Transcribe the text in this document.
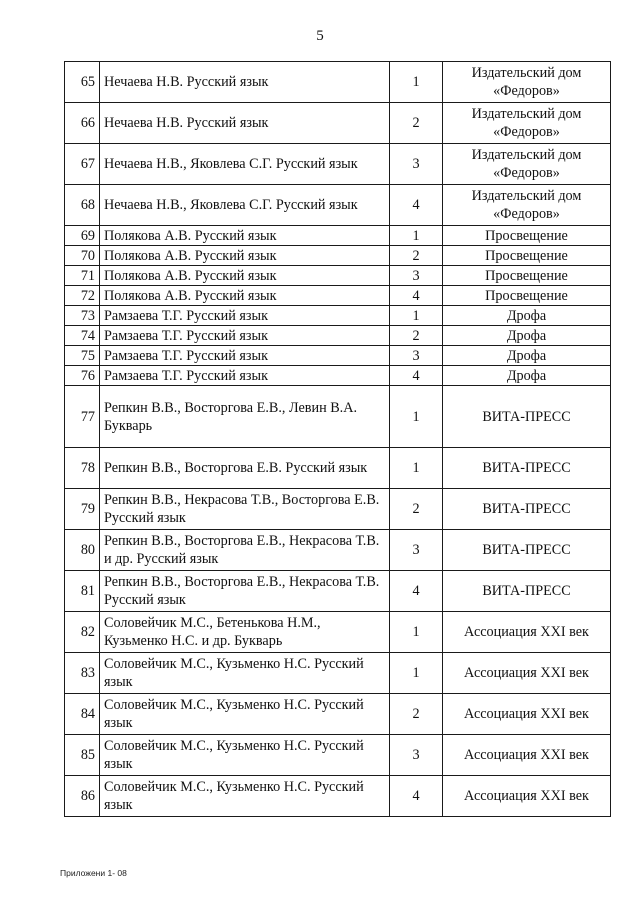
5
65	Нечаева Н.В. Русский язык	1	Издательский дом «Федоров»
66	Нечаева Н.В. Русский язык	2	Издательский дом «Федоров»
67	Нечаева Н.В., Яковлева С.Г. Русский язык	3	Издательский дом «Федоров»
68	Нечаева Н.В., Яковлева С.Г. Русский язык	4	Издательский дом «Федоров»
69	Полякова А.В. Русский язык	1	Просвещение
70	Полякова А.В. Русский язык	2	Просвещение
71	Полякова А.В. Русский язык	3	Просвещение
72	Полякова А.В. Русский язык	4	Просвещение
73	Рамзаева Т.Г. Русский язык	1	Дрофа
74	Рамзаева Т.Г. Русский язык	2	Дрофа
75	Рамзаева Т.Г. Русский язык	3	Дрофа
76	Рамзаева Т.Г. Русский язык	4	Дрофа
77	Репкин В.В., Восторгова Е.В., Левин В.А. Букварь	1	ВИТА-ПРЕСС
78	Репкин В.В., Восторгова Е.В. Русский язык	1	ВИТА-ПРЕСС
79	Репкин В.В., Некрасова Т.В., Восторгова Е.В. Русский язык	2	ВИТА-ПРЕСС
80	Репкин В.В., Восторгова Е.В., Некрасова Т.В. и др. Русский язык	3	ВИТА-ПРЕСС
81	Репкин В.В., Восторгова Е.В., Некрасова Т.В. Русский язык	4	ВИТА-ПРЕСС
82	Соловейчик М.С., Бетенькова Н.М., Кузьменко Н.С. и др. Букварь	1	Ассоциация XXI век
83	Соловейчик М.С., Кузьменко Н.С. Русский язык	1	Ассоциация XXI век
84	Соловейчик М.С., Кузьменко Н.С. Русский язык	2	Ассоциация XXI век
85	Соловейчик М.С., Кузьменко Н.С. Русский язык	3	Ассоциация XXI век
86	Соловейчик М.С., Кузьменко Н.С. Русский язык	4	Ассоциация XXI век
Приложени 1- 08
